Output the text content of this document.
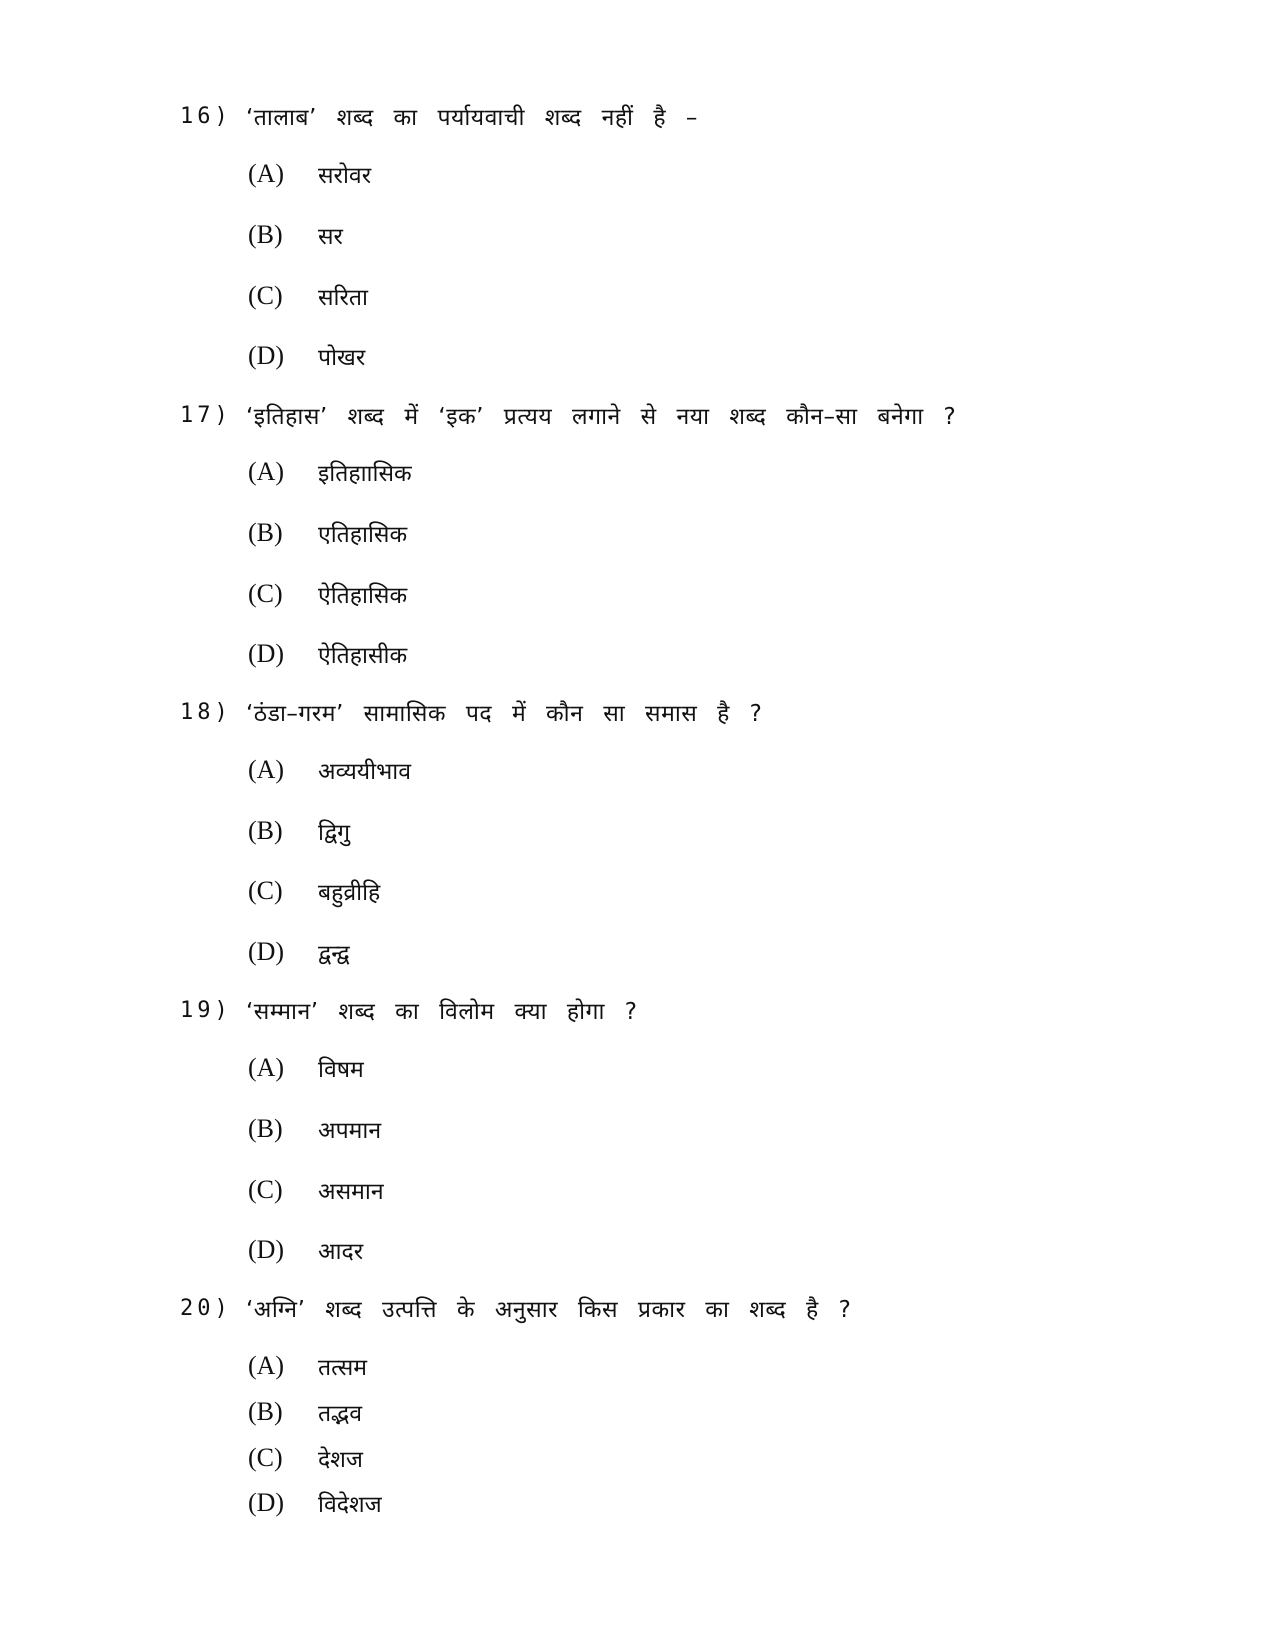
16) ‘तालाब’ शब्द का पर्यायवाची शब्द नहीं है –
(A)	सरोवर
(B)	सर
(C)	सरिता
(D)	पोखर
17) ‘इतिहास’ शब्द में ‘इक’ प्रत्यय लगाने से नया शब्द कौन–सा बनेगा ?
(A)	इतिहाासिक
(B)	एतिहासिक
(C)	ऐतिहासिक
(D)	ऐतिहासीक
18) ‘ठंडा–गरम’ सामासिक पद में कौन सा समास है ?
(A)	अव्ययीभाव
(B)	द्विगु
(C)	बहुव्रीहि
(D)	द्वन्द्व
19) ‘सम्मान’ शब्द का विलोम क्या होगा ?
(A)	विषम
(B)	अपमान
(C)	असमान
(D)	आदर
20) ‘अग्नि’ शब्द उत्पत्ति के अनुसार किस प्रकार का शब्द है ?
(A)	तत्सम
(B)	तद्भव
(C)	देशज
(D)	विदेशज
